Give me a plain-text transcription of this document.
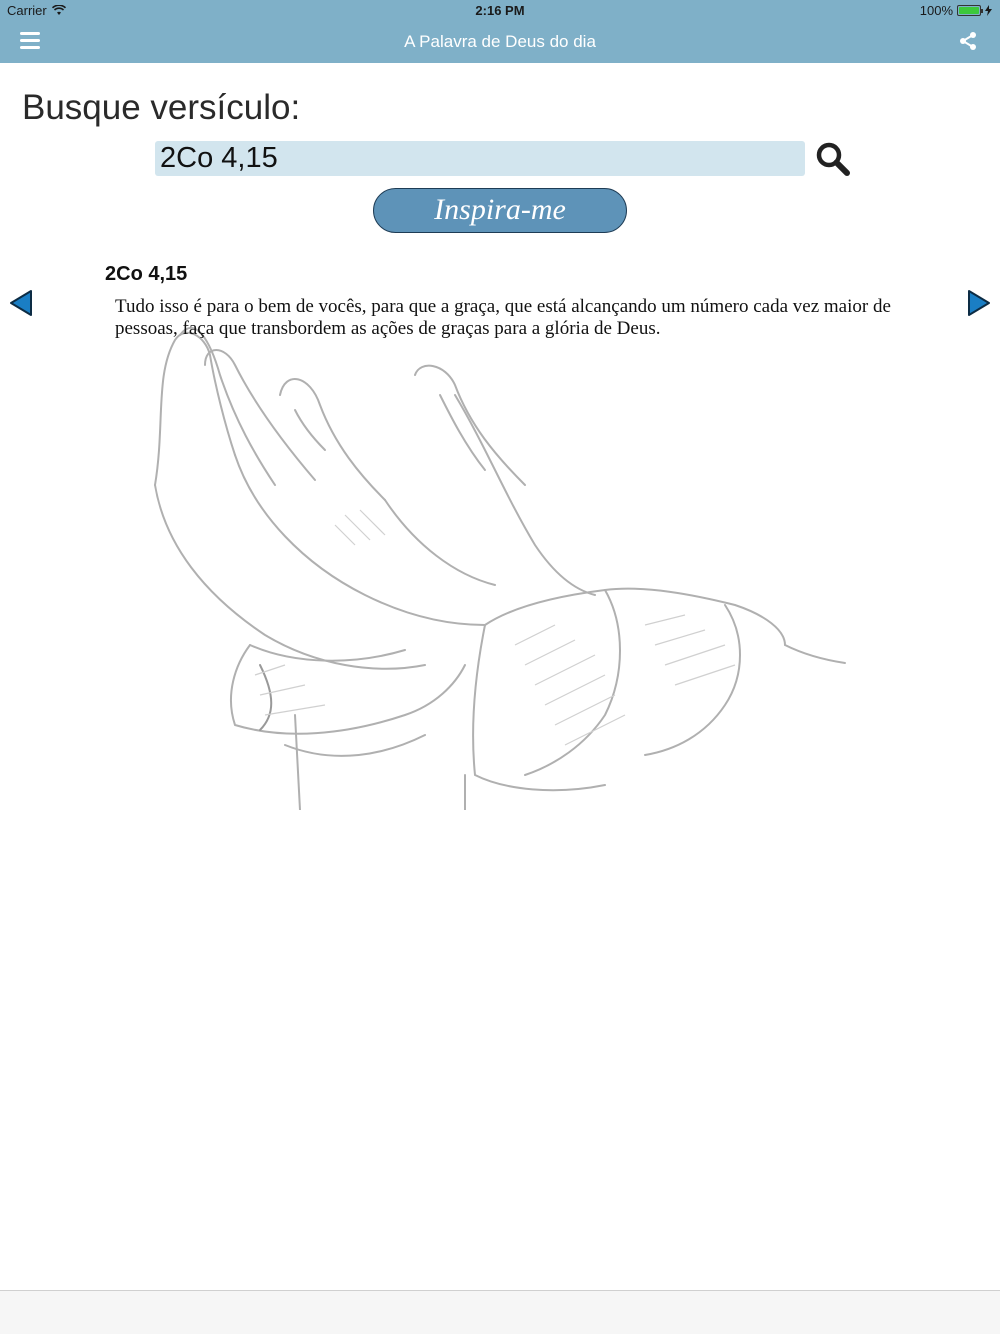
Carrier	2:16 PM	100%
A Palavra de Deus do dia
Busque versículo:
2Co 4,15
Inspira-me
2Co 4,15
Tudo isso é para o bem de vocês, para que a graça, que está alcançando um número cada vez maior de pessoas, faça que transbordem as ações de graças para a glória de Deus.
